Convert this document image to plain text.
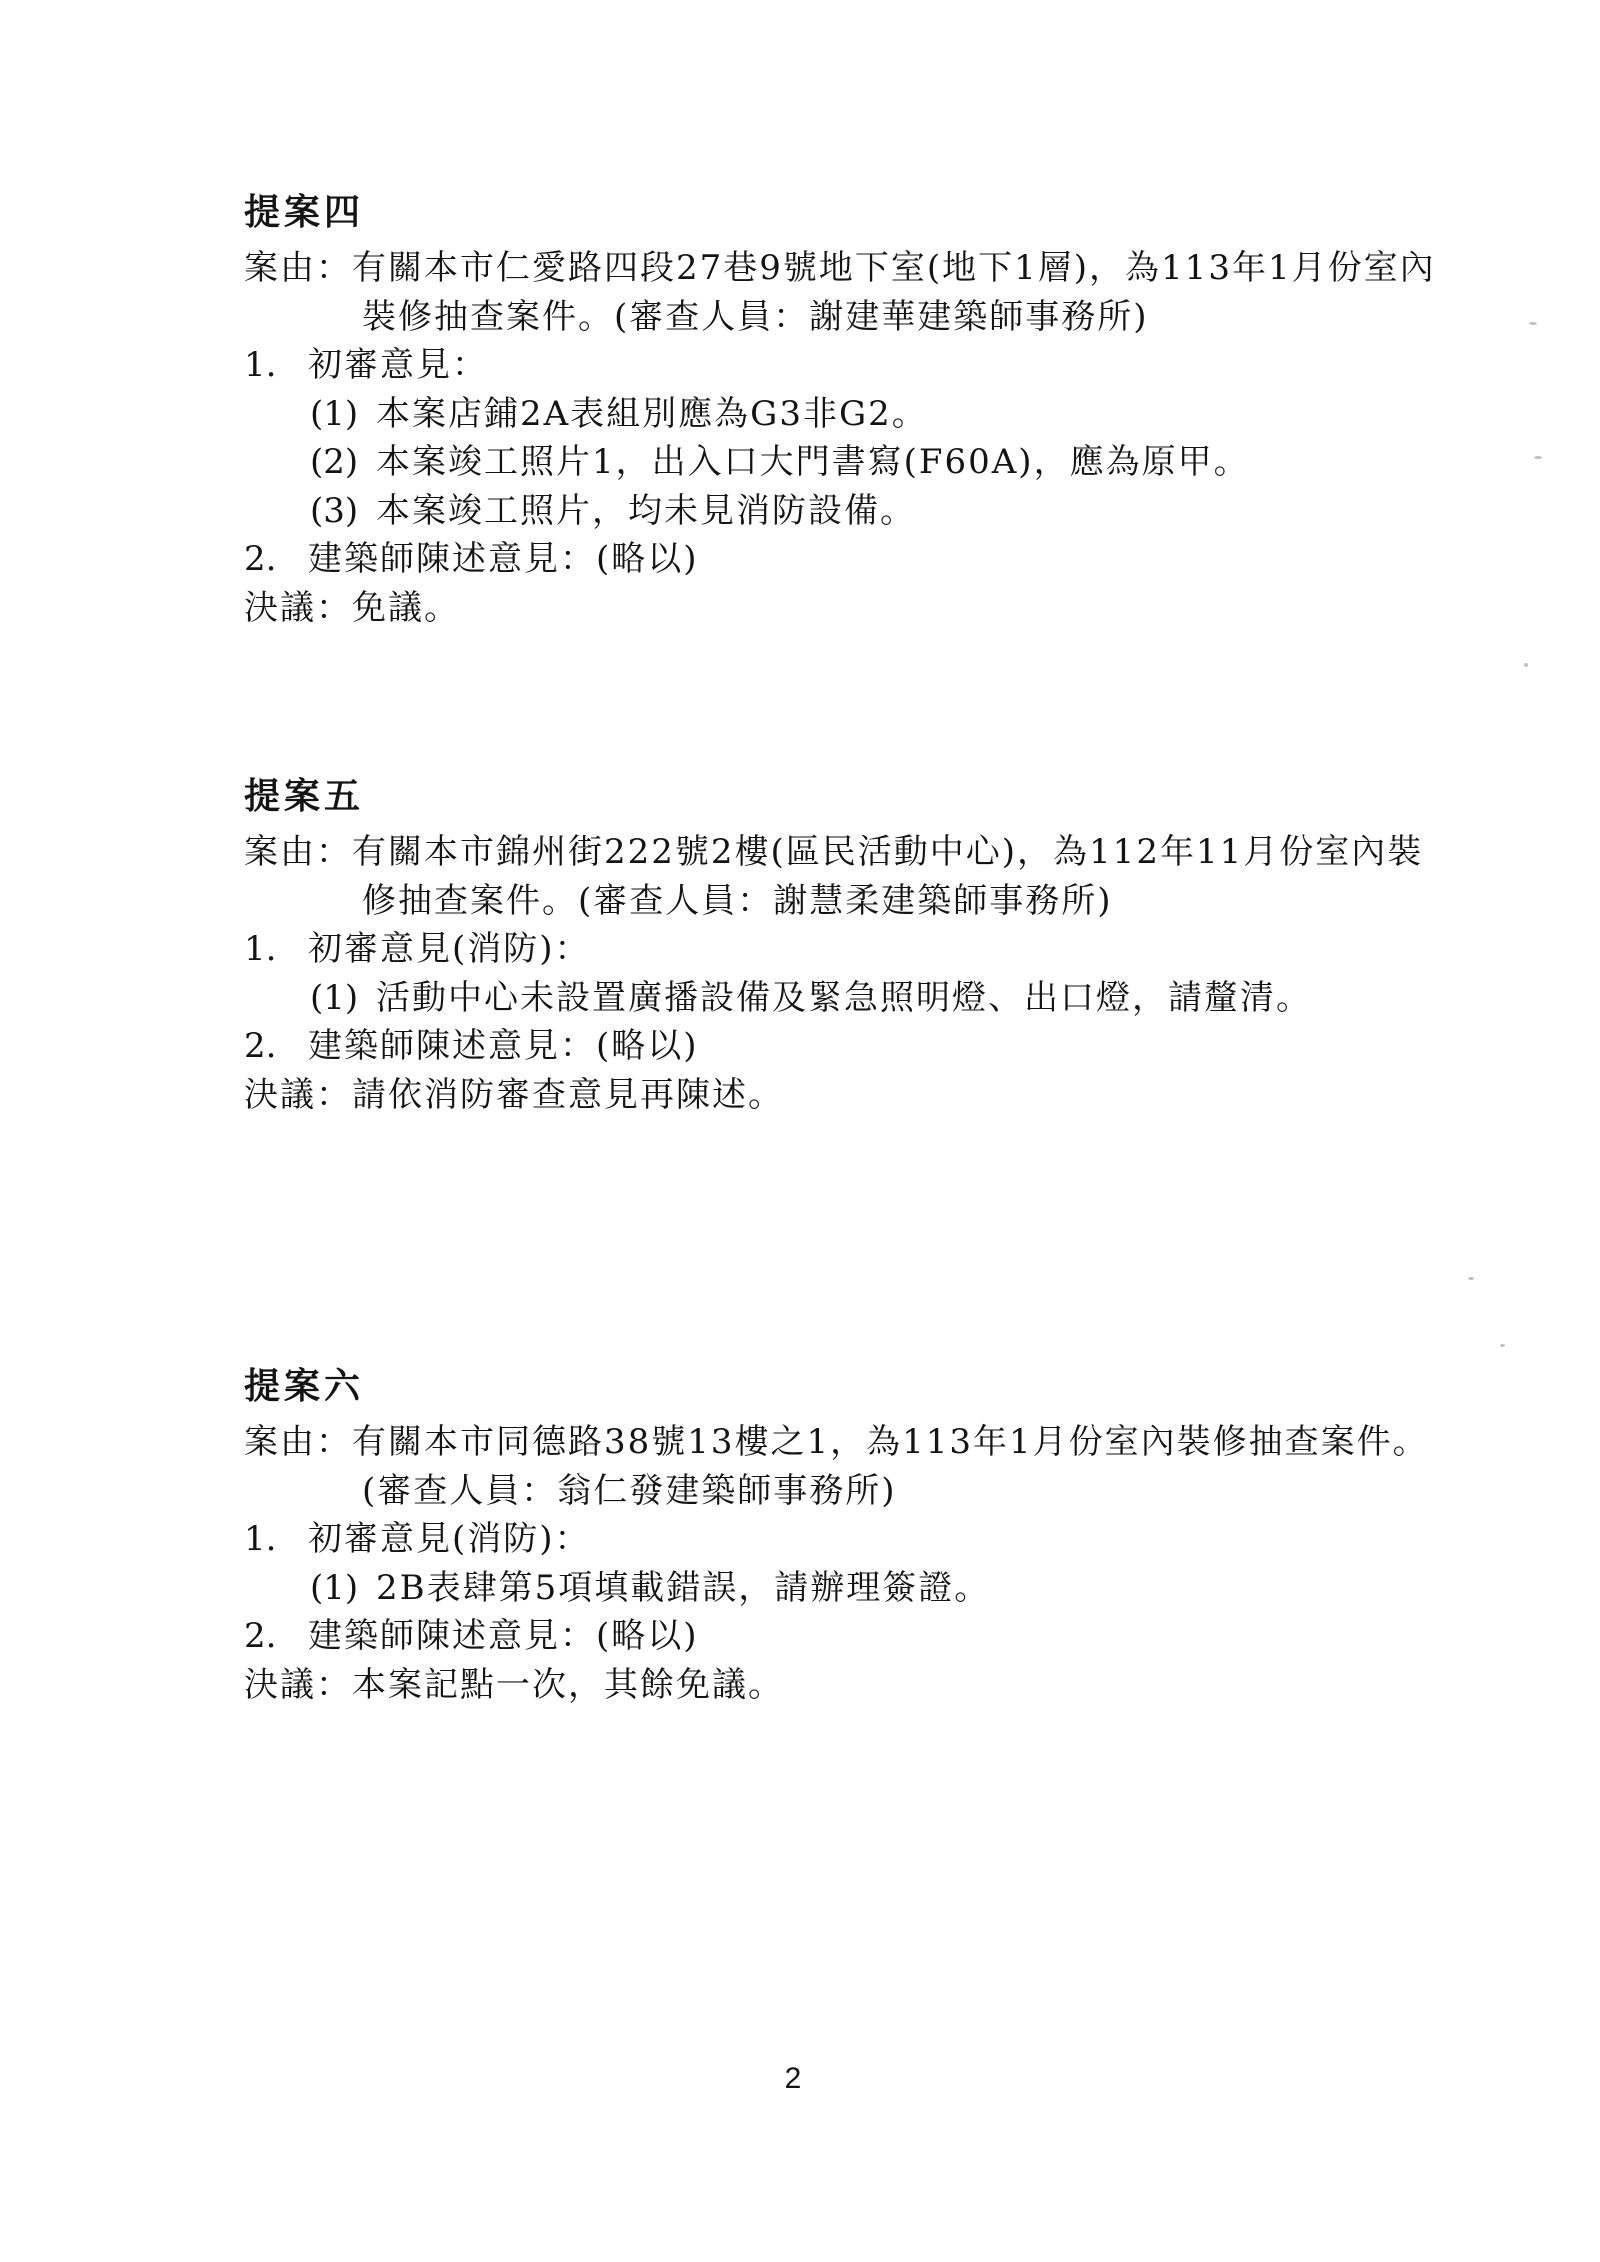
提案四
案由：有關本市仁愛路四段27巷9號地下室(地下1層)，為113年1月份室內
裝修抽查案件。(審查人員：謝建華建築師事務所)
1. 初審意見：
(1) 本案店鋪2A表組別應為G3非G2。
(2) 本案竣工照片1，出入口大門書寫(F60A)，應為原甲。
(3) 本案竣工照片，均未見消防設備。
2. 建築師陳述意見：(略以)
決議：免議。
提案五
案由：有關本市錦州街222號2樓(區民活動中心)，為112年11月份室內裝
修抽查案件。(審查人員：謝慧柔建築師事務所)
1. 初審意見(消防)：
(1) 活動中心未設置廣播設備及緊急照明燈、出口燈，請釐清。
2. 建築師陳述意見：(略以)
決議：請依消防審查意見再陳述。
提案六
案由：有關本市同德路38號13樓之1，為113年1月份室內裝修抽查案件。
(審查人員：翁仁發建築師事務所)
1. 初審意見(消防)：
(1) 2B表肆第5項填載錯誤，請辦理簽證。
2. 建築師陳述意見：(略以)
決議：本案記點一次，其餘免議。
2
